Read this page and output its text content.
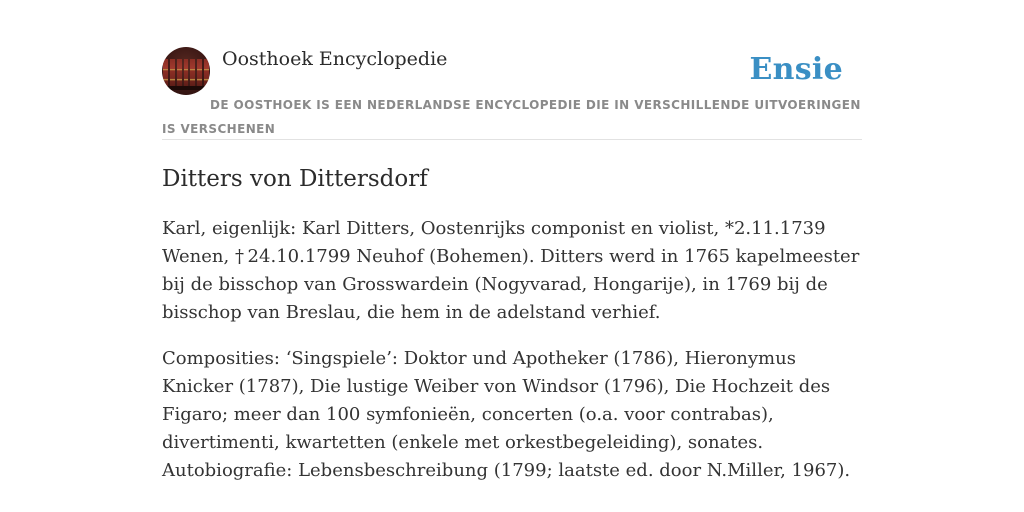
Oosthoek Encyclopedie	Ensie
DE OOSTHOEK IS EEN NEDERLANDSE ENCYCLOPEDIE DIE IN VERSCHILLENDE UITVOERINGEN IS VERSCHENEN
Ditters von Dittersdorf

Karl, eigenlijk: Karl Ditters, Oostenrijks componist en violist, *2.11.1739 Wenen, † 24.10.1799 Neuhof (Bohemen). Ditters werd in 1765 kapelmeester bij de bisschop van Grosswardein (Nogyvarad, Hongarije), in 1769 bij de bisschop van Breslau, die hem in de adelstand verhief.

Composities: ‘Singspiele’: Doktor und Apotheker (1786), Hieronymus Knicker (1787), Die lustige Weiber von Windsor (1796), Die Hochzeit des Figaro; meer dan 100 symfonieën, concerten (o.a. voor contrabas), divertimenti, kwartetten (enkele met orkestbegeleiding), sonates. Autobiografie: Lebensbeschreibung (1799; laatste ed. door N.Miller, 1967).
